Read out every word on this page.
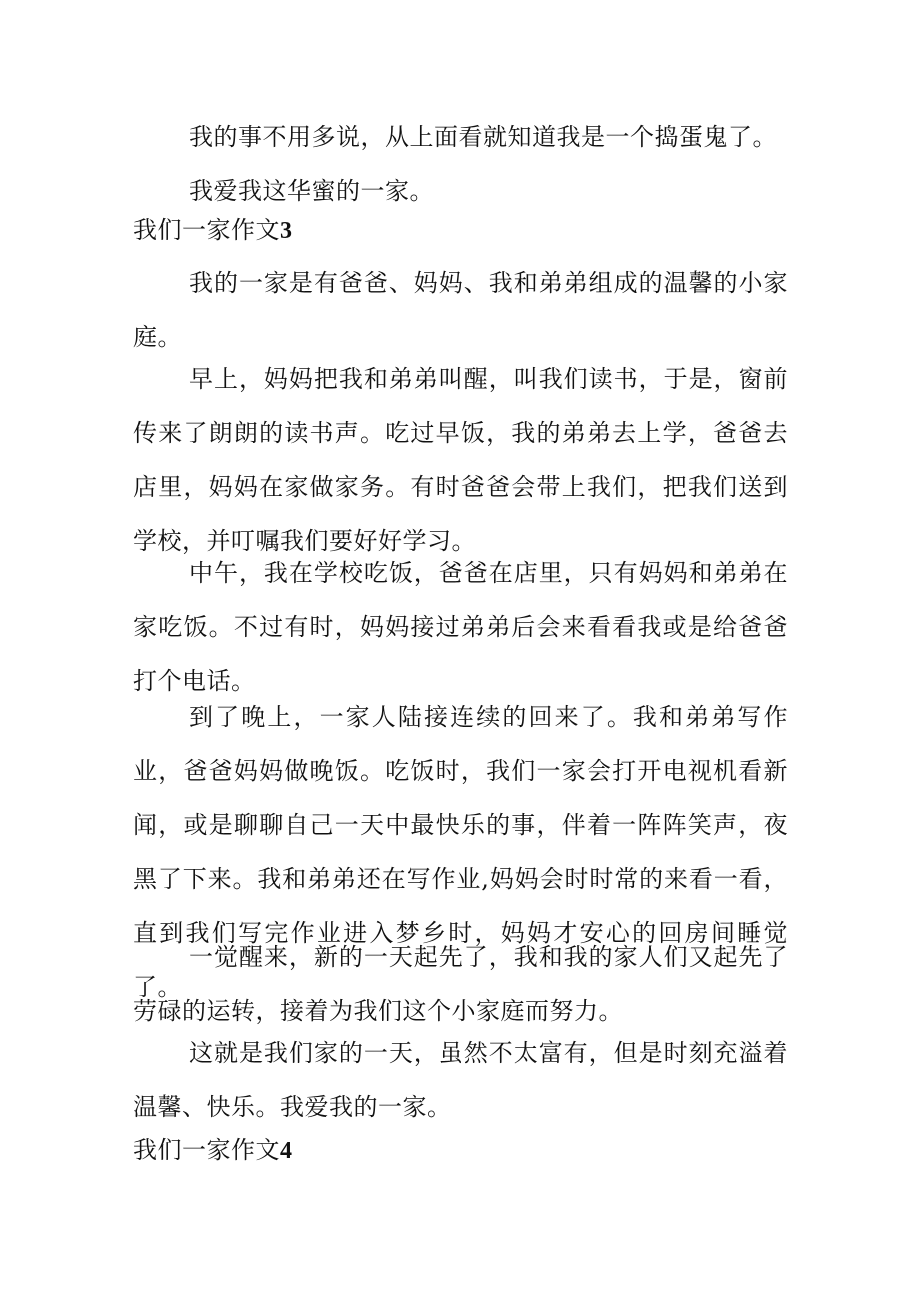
我的事不用多说，从上面看就知道我是一个捣蛋鬼了。

我爱我这华蜜的一家。

我们一家作文3

我的一家是有爸爸、妈妈、我和弟弟组成的温馨的小家庭。

早上，妈妈把我和弟弟叫醒，叫我们读书，于是，窗前传来了朗朗的读书声。吃过早饭，我的弟弟去上学，爸爸去店里，妈妈在家做家务。有时爸爸会带上我们，把我们送到学校，并叮嘱我们要好好学习。

中午，我在学校吃饭，爸爸在店里，只有妈妈和弟弟在家吃饭。不过有时，妈妈接过弟弟后会来看看我或是给爸爸打个电话。

到了晚上，一家人陆接连续的回来了。我和弟弟写作业，爸爸妈妈做晚饭。吃饭时，我们一家会打开电视机看新闻，或是聊聊自己一天中最快乐的事，伴着一阵阵笑声，夜黑了下来。我和弟弟还在写作业,妈妈会时时常的来看一看，直到我们写完作业进入梦乡时，妈妈才安心的回房间睡觉了。

一觉醒来，新的一天起先了，我和我的家人们又起先了劳碌的运转，接着为我们这个小家庭而努力。

这就是我们家的一天，虽然不太富有，但是时刻充溢着温馨、快乐。我爱我的一家。

我们一家作文4
